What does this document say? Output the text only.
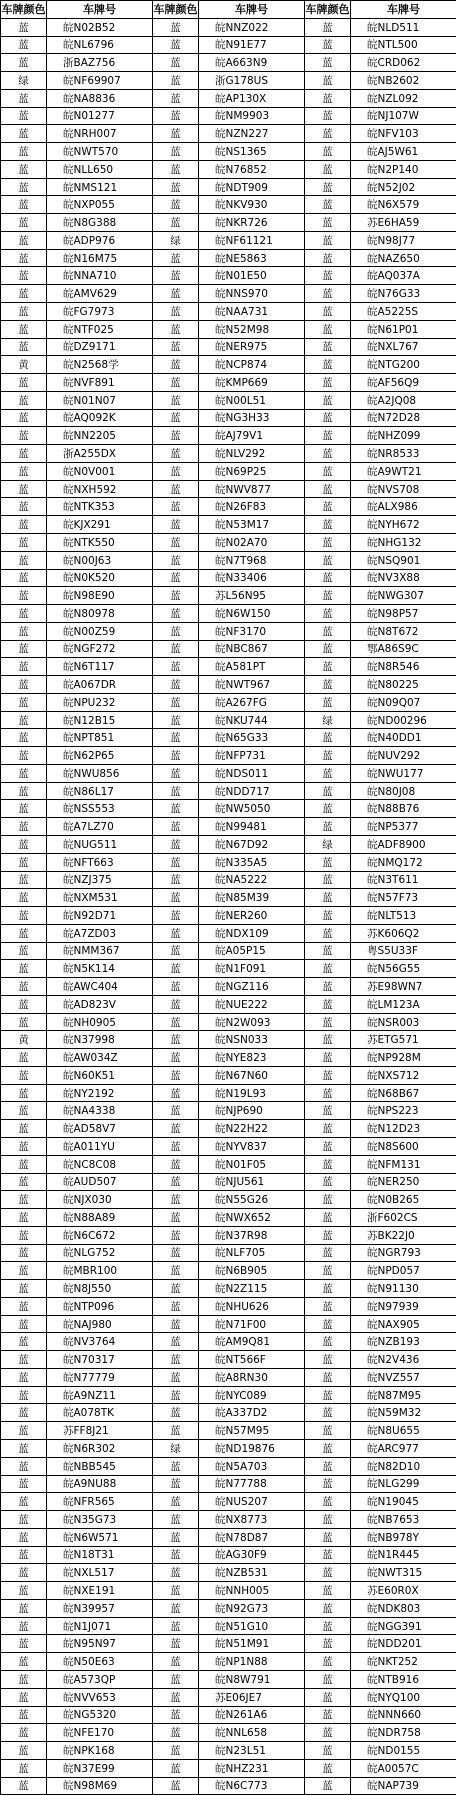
车牌颜色	车牌号	车牌颜色	车牌号	车牌颜色	车牌号
蓝	皖N02B52	蓝	皖NNZ022	蓝	皖NLD511
蓝	皖NL6796	蓝	皖N91E77	蓝	皖NTL500
蓝	浙BAZ756	蓝	皖A663N9	蓝	皖CRD062
绿	皖NF69907	蓝	浙G178US	蓝	皖NB2602
蓝	皖NA8836	蓝	皖AP130X	蓝	皖NZL092
蓝	皖N01277	蓝	皖NM9903	蓝	皖NJ107W
蓝	皖NRH007	蓝	皖NZN227	蓝	皖NFV103
蓝	皖NWT570	蓝	皖NS1365	蓝	皖AJ5W61
蓝	皖NLL650	蓝	皖N76852	蓝	皖N2P140
蓝	皖NMS121	蓝	皖NDT909	蓝	皖N52J02
蓝	皖NXP055	蓝	皖NKV930	蓝	皖N6X579
蓝	皖N8G388	蓝	皖NKR726	蓝	苏E6HA59
蓝	皖ADP976	绿	皖NF61121	蓝	皖N98J77
蓝	皖N16M75	蓝	皖NE5863	蓝	皖NAZ650
蓝	皖NNA710	蓝	皖N01E50	蓝	皖AQ037A
蓝	皖AMV629	蓝	皖NNS970	蓝	皖N76G33
蓝	皖FG7973	蓝	皖NAA731	蓝	皖A5225S
蓝	皖NTF025	蓝	皖N52M98	蓝	皖N61P01
蓝	皖DZ9171	蓝	皖NER975	蓝	皖NXL767
黄	皖N2568学	蓝	皖NCP874	蓝	皖NTG200
蓝	皖NVF891	蓝	皖KMP669	蓝	皖AF56Q9
蓝	皖N01N07	蓝	皖N00L51	蓝	皖A2JQ08
蓝	皖AQ092K	蓝	皖NG3H33	蓝	皖N72D28
蓝	皖NN2205	蓝	皖AJ79V1	蓝	皖NHZ099
蓝	浙A255DX	蓝	皖NLV292	蓝	皖NR8533
蓝	皖N0V001	蓝	皖N69P25	蓝	皖A9WT21
蓝	皖NXH592	蓝	皖NWV877	蓝	皖NVS708
蓝	皖NTK353	蓝	皖N26F83	蓝	皖ALX986
蓝	皖KJX291	蓝	皖N53M17	蓝	皖NYH672
蓝	皖NTK550	蓝	皖N02A70	蓝	皖NHG132
蓝	皖N00J63	蓝	皖N7T968	蓝	皖NSQ901
蓝	皖N0K520	蓝	皖N33406	蓝	皖NV3X88
蓝	皖N98E90	蓝	苏L56N95	蓝	皖NWG307
蓝	皖N80978	蓝	皖N6W150	蓝	皖N98P57
蓝	皖N00Z59	蓝	皖NF3170	蓝	皖N8T672
蓝	皖NGF272	蓝	皖NBC867	蓝	鄂A86S9C
蓝	皖N6T117	蓝	皖A581PT	蓝	皖N8R546
蓝	皖A067DR	蓝	皖NWT967	蓝	皖N80225
蓝	皖NPU232	蓝	皖A267FG	蓝	皖N09Q07
蓝	皖N12B15	蓝	皖NKU744	绿	皖ND00296
蓝	皖NPT851	蓝	皖N65G33	蓝	皖N40DD1
蓝	皖N62P65	蓝	皖NFP731	蓝	皖NUV292
蓝	皖NWU856	蓝	皖NDS011	蓝	皖NWU177
蓝	皖N86L17	蓝	皖NDD717	蓝	皖N80J08
蓝	皖NSS553	蓝	皖NW5050	蓝	皖N88B76
蓝	皖A7LZ70	蓝	皖N99481	蓝	皖NP5377
蓝	皖NUG511	蓝	皖N67D92	绿	皖ADF8900
蓝	皖NFT663	蓝	皖N335A5	蓝	皖NMQ172
蓝	皖NZJ375	蓝	皖NA5222	蓝	皖N3T611
蓝	皖NXM531	蓝	皖N85M39	蓝	皖N57F73
蓝	皖N92D71	蓝	皖NER260	蓝	皖NLT513
蓝	皖A7ZD03	蓝	皖NDX109	蓝	苏K606Q2
蓝	皖NMM367	蓝	皖A05P15	蓝	粤S5U33F
蓝	皖N5K114	蓝	皖N1F091	蓝	皖N56G55
蓝	皖AWC404	蓝	皖NGZ116	蓝	苏E98WN7
蓝	皖AD823V	蓝	皖NUE222	蓝	皖LM123A
蓝	皖NH0905	蓝	皖N2W093	蓝	皖NSR003
黄	皖N37998	蓝	皖NSN033	蓝	苏ETG571
蓝	皖AW034Z	蓝	皖NYE823	蓝	皖NP928M
蓝	皖N60K51	蓝	皖N67N60	蓝	皖NXS712
蓝	皖NY2192	蓝	皖N19L93	蓝	皖N68B67
蓝	皖NA4338	蓝	皖NJP690	蓝	皖NPS223
蓝	皖AD58V7	蓝	皖N22H22	蓝	皖N12D23
蓝	皖A011YU	蓝	皖NYV837	蓝	皖N8S600
蓝	皖NC8C08	蓝	皖N01F05	蓝	皖NFM131
蓝	皖AUD507	蓝	皖NJU561	蓝	皖NER250
蓝	皖NJX030	蓝	皖N55G26	蓝	皖N0B265
蓝	皖N88A89	蓝	皖NWX652	蓝	浙F602CS
蓝	皖N6C672	蓝	皖N37R98	蓝	苏BK22J0
蓝	皖NLG752	蓝	皖NLF705	蓝	皖NGR793
蓝	皖MBR100	蓝	皖N6B905	蓝	皖NPD057
蓝	皖N8J550	蓝	皖N2Z115	蓝	皖N91130
蓝	皖NTP096	蓝	皖NHU626	蓝	皖N97939
蓝	皖NAJ980	蓝	皖N71F00	蓝	皖NAX905
蓝	皖NV3764	蓝	皖AM9Q81	蓝	皖NZB193
蓝	皖N70317	蓝	皖NT566F	蓝	皖N2V436
蓝	皖N77779	蓝	皖A8RN30	蓝	皖NVZ557
蓝	皖A9NZ11	蓝	皖NYC089	蓝	皖N87M95
蓝	皖A078TK	蓝	皖A337D2	蓝	皖N59M32
蓝	苏FF8J21	蓝	皖N57M95	蓝	皖N8U655
蓝	皖N6R302	绿	皖ND19876	蓝	皖ARC977
蓝	皖NBB545	蓝	皖N5A703	蓝	皖N82D10
蓝	皖A9NU88	蓝	皖N77788	蓝	皖NLG299
蓝	皖NFR565	蓝	皖NUS207	蓝	皖N19045
蓝	皖N35G73	蓝	皖NX8773	蓝	皖NB7653
蓝	皖N6W571	蓝	皖N78D87	蓝	皖NB978Y
蓝	皖N18T31	蓝	皖AG30F9	蓝	皖N1R445
蓝	皖NXL517	蓝	皖NZB531	蓝	皖NWT315
蓝	皖NXE191	蓝	皖NNH005	蓝	苏E60R0X
蓝	皖N39957	蓝	皖N92G73	蓝	皖NDK803
蓝	皖N1J071	蓝	皖N51G10	蓝	皖NGG391
蓝	皖N95N97	蓝	皖N51M91	蓝	皖NDD201
蓝	皖N50E63	蓝	皖NP1N88	蓝	皖NKT252
蓝	皖A573QP	蓝	皖N8W791	蓝	皖NTB916
蓝	皖NVV653	蓝	苏E06JE7	蓝	皖NYQ100
蓝	皖NG5320	蓝	皖N261A6	蓝	皖NNN660
蓝	皖NFE170	蓝	皖NNL658	蓝	皖NDR758
蓝	皖NPK168	蓝	皖N23L51	蓝	皖ND0155
蓝	皖N37E99	蓝	皖NHZ231	蓝	皖A0057C
蓝	皖N98M69	蓝	皖N6C773	蓝	皖NAP739
